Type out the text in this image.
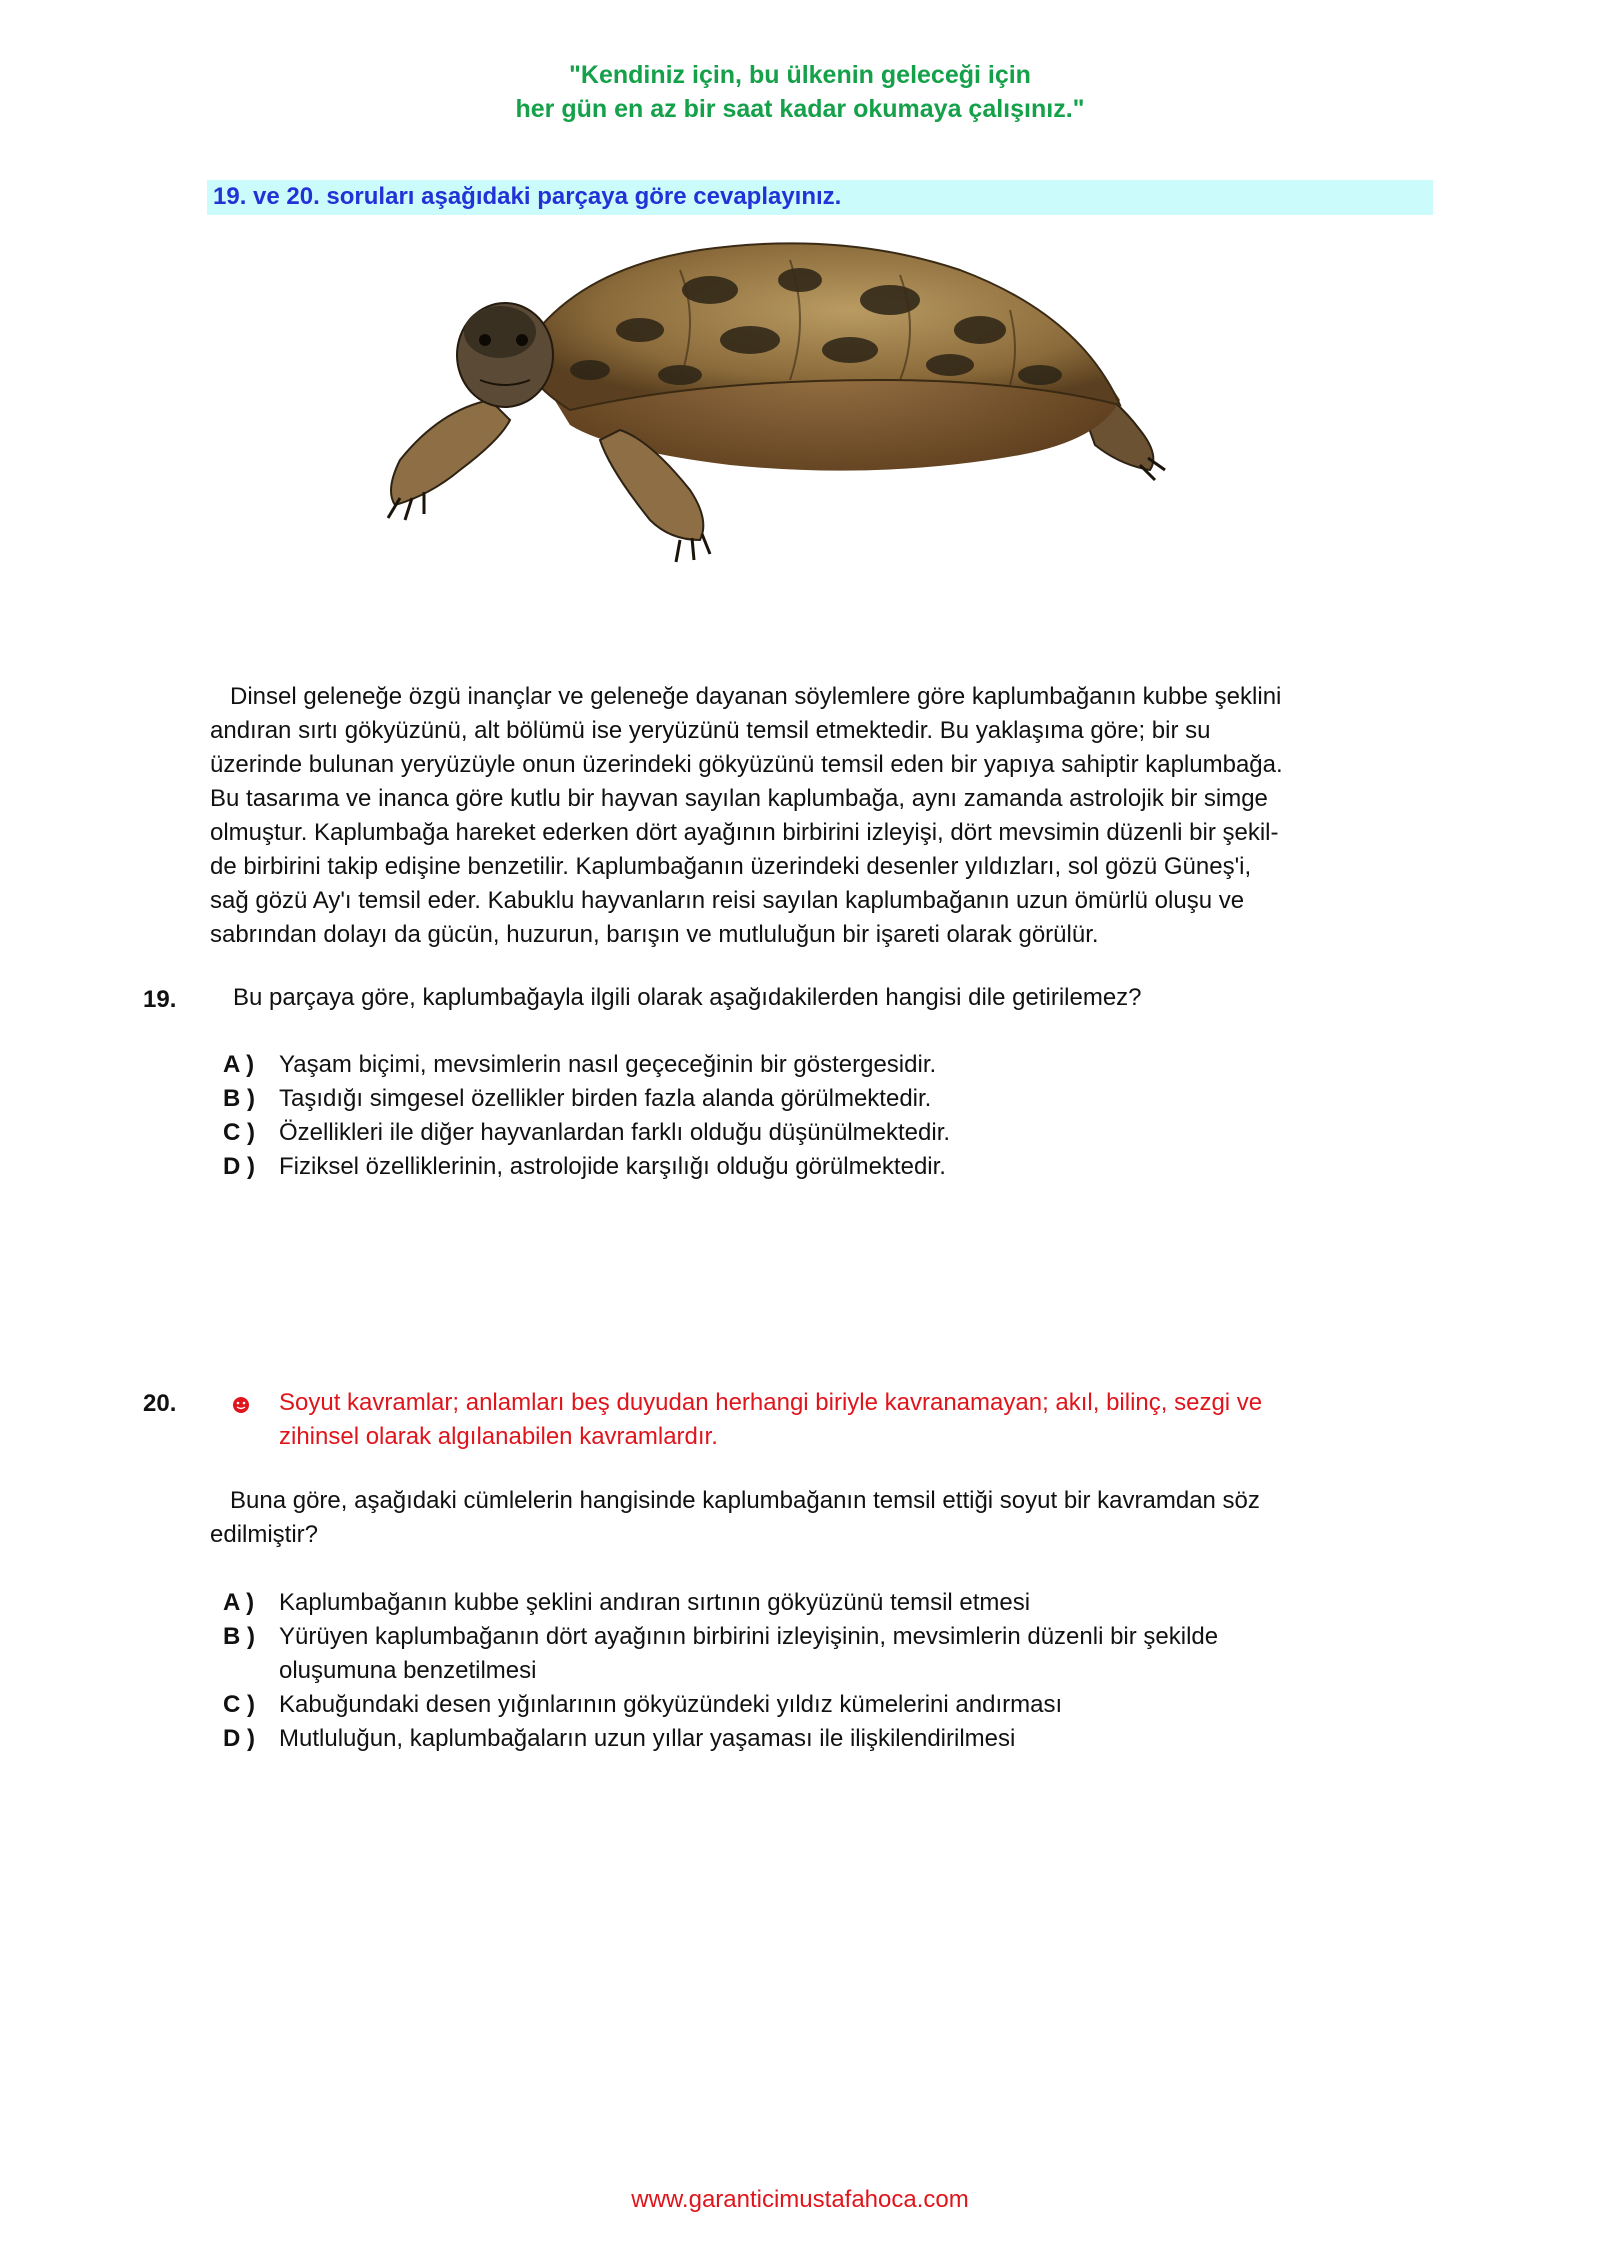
"Kendiniz için, bu ülkenin geleceği için
her gün en az bir saat kadar okumaya çalışınız."
19. ve 20. soruları aşağıdaki parçaya göre cevaplayınız.
Dinsel geleneğe özgü inançlar ve geleneğe dayanan söylemlere göre kaplumbağanın kubbe şeklini
andıran sırtı gökyüzünü, alt bölümü ise yeryüzünü temsil etmektedir. Bu yaklaşıma göre; bir su
üzerinde bulunan yeryüzüyle onun üzerindeki gökyüzünü temsil eden bir yapıya sahiptir kaplumbağa.
Bu tasarıma ve inanca göre kutlu bir hayvan sayılan kaplumbağa, aynı zamanda astrolojik bir simge
olmuştur. Kaplumbağa hareket ederken dört ayağının birbirini izleyişi, dört mevsimin düzenli bir şekil-
de birbirini takip edişine benzetilir. Kaplumbağanın üzerindeki desenler yıldızları, sol gözü Güneş'i,
sağ gözü Ay'ı temsil eder. Kabuklu hayvanların reisi sayılan kaplumbağanın uzun ömürlü oluşu ve
sabrından dolayı da gücün, huzurun, barışın ve mutluluğun bir işareti olarak görülür.
19. Bu parçaya göre, kaplumbağayla ilgili olarak aşağıdakilerden hangisi dile getirilemez?
A ) Yaşam biçimi, mevsimlerin nasıl geçeceğinin bir göstergesidir.
B ) Taşıdığı simgesel özellikler birden fazla alanda görülmektedir.
C ) Özellikleri ile diğer hayvanlardan farklı olduğu düşünülmektedir.
D ) Fiziksel özelliklerinin, astrolojide karşılığı olduğu görülmektedir.
20.	Soyut kavramlar; anlamları beş duyudan herhangi biriyle kavranamayan; akıl, bilinç, sezgi ve
zihinsel olarak algılanabilen kavramlardır.
Buna göre, aşağıdaki cümlelerin hangisinde kaplumbağanın temsil ettiği soyut bir kavramdan söz
edilmiştir?
A ) Kaplumbağanın kubbe şeklini andıran sırtının gökyüzünü temsil etmesi
B ) Yürüyen kaplumbağanın dört ayağının birbirini izleyişinin, mevsimlerin düzenli bir şekilde
oluşumuna benzetilmesi
C ) Kabuğundaki desen yığınlarının gökyüzündeki yıldız kümelerini andırması
D ) Mutluluğun, kaplumbağaların uzun yıllar yaşaması ile ilişkilendirilmesi
www.garanticimustafahoca.com
